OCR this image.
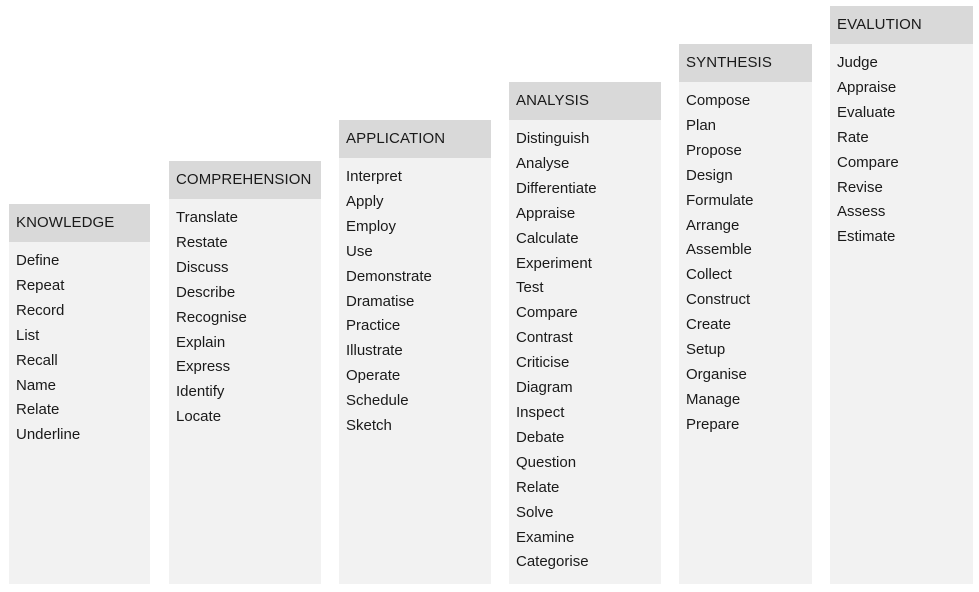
KNOWLEDGE
Define
Repeat
Record
List
Recall
Name
Relate
Underline
COMPREHENSION
Translate
Restate
Discuss
Describe
Recognise
Explain
Express
Identify
Locate
APPLICATION
Interpret
Apply
Employ
Use
Demonstrate
Dramatise
Practice
Illustrate
Operate
Schedule
Sketch
ANALYSIS
Distinguish
Analyse
Differentiate
Appraise
Calculate
Experiment
Test
Compare
Contrast
Criticise
Diagram
Inspect
Debate
Question
Relate
Solve
Examine
Categorise
SYNTHESIS
Compose
Plan
Propose
Design
Formulate
Arrange
Assemble
Collect
Construct
Create
Setup
Organise
Manage
Prepare
EVALUTION
Judge
Appraise
Evaluate
Rate
Compare
Revise
Assess
Estimate
